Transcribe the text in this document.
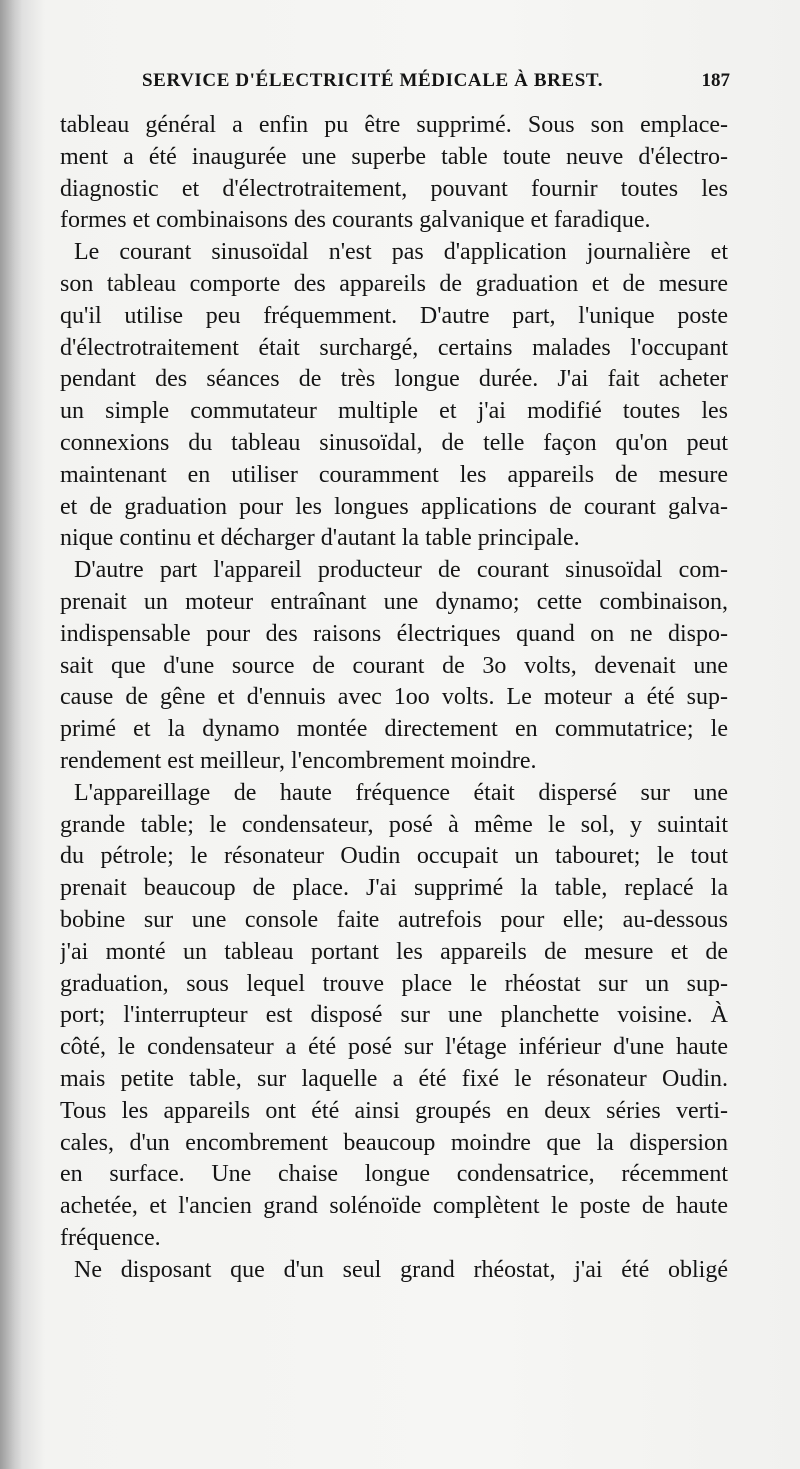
SERVICE D'ÉLECTRICITÉ MÉDICALE À BREST.	187
tableau général a enfin pu être supprimé. Sous son emplace-
ment a été inaugurée une superbe table toute neuve d'électro-
diagnostic et d'électrotraitement, pouvant fournir toutes les
formes et combinaisons des courants galvanique et faradique.
Le courant sinusoïdal n'est pas d'application journalière et
son tableau comporte des appareils de graduation et de mesure
qu'il utilise peu fréquemment. D'autre part, l'unique poste
d'électrotraitement était surchargé, certains malades l'occupant
pendant des séances de très longue durée. J'ai fait acheter
un simple commutateur multiple et j'ai modifié toutes les
connexions du tableau sinusoïdal, de telle façon qu'on peut
maintenant en utiliser couramment les appareils de mesure
et de graduation pour les longues applications de courant galva-
nique continu et décharger d'autant la table principale.
D'autre part l'appareil producteur de courant sinusoïdal com-
prenait un moteur entraînant une dynamo; cette combinaison,
indispensable pour des raisons électriques quand on ne dispo-
sait que d'une source de courant de 3o volts, devenait une
cause de gêne et d'ennuis avec 1oo volts. Le moteur a été sup-
primé et la dynamo montée directement en commutatrice; le
rendement est meilleur, l'encombrement moindre.
L'appareillage de haute fréquence était dispersé sur une
grande table; le condensateur, posé à même le sol, y suintait
du pétrole; le résonateur Oudin occupait un tabouret; le tout
prenait beaucoup de place. J'ai supprimé la table, replacé la
bobine sur une console faite autrefois pour elle; au-dessous
j'ai monté un tableau portant les appareils de mesure et de
graduation, sous lequel trouve place le rhéostat sur un sup-
port; l'interrupteur est disposé sur une planchette voisine. À
côté, le condensateur a été posé sur l'étage inférieur d'une haute
mais petite table, sur laquelle a été fixé le résonateur Oudin.
Tous les appareils ont été ainsi groupés en deux séries verti-
cales, d'un encombrement beaucoup moindre que la dispersion
en surface. Une chaise longue condensatrice, récemment
achetée, et l'ancien grand solénoïde complètent le poste de haute
fréquence.
Ne disposant que d'un seul grand rhéostat, j'ai été obligé
